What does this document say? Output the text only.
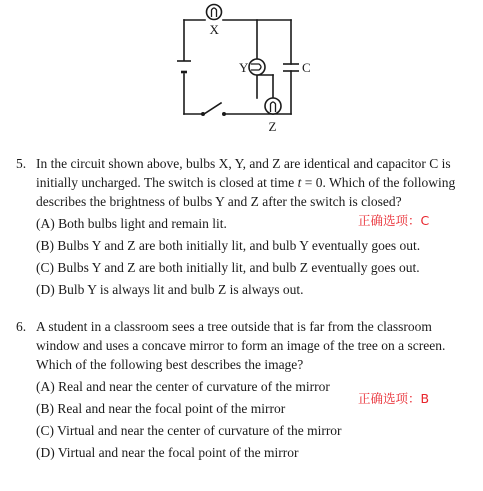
X
Y	C
Z
5. In the circuit shown above, bulbs X, Y, and Z are identical and capacitor C is
initially uncharged. The switch is closed at time t = 0. Which of the following
describes the brightness of bulbs Y and Z after the switch is closed?
(A) Both bulbs light and remain lit.
(B) Bulbs Y and Z are both initially lit, and bulb Y eventually goes out.
(C) Bulbs Y and Z are both initially lit, and bulb Z eventually goes out.
(D) Bulb Y is always lit and bulb Z is always out.
正确选项：C
6. A student in a classroom sees a tree outside that is far from the classroom
window and uses a concave mirror to form an image of the tree on a screen.
Which of the following best describes the image?
(A) Real and near the center of curvature of the mirror
(B) Real and near the focal point of the mirror
(C) Virtual and near the center of curvature of the mirror
(D) Virtual and near the focal point of the mirror
正确选项：B
